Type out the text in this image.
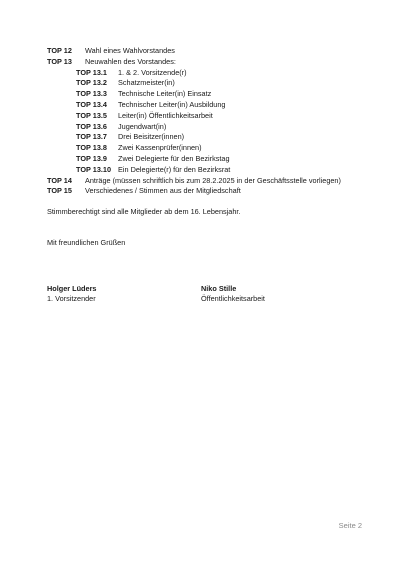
TOP 12 Wahl eines Wahlvorstandes
TOP 13 Neuwahlen des Vorstandes:
TOP 13.1 1. & 2. Vorsitzende(r)
TOP 13.2 Schatzmeister(in)
TOP 13.3 Technische Leiter(in) Einsatz
TOP 13.4 Technischer Leiter(in) Ausbildung
TOP 13.5 Leiter(in) Öffentlichkeitsarbeit
TOP 13.6 Jugendwart(in)
TOP 13.7 Drei Beisitzer(innen)
TOP 13.8 Zwei Kassenprüfer(innen)
TOP 13.9 Zwei Delegierte für den Bezirkstag
TOP 13.10 Ein Delegierte(r) für den Bezirksrat
TOP 14 Anträge (müssen schriftlich bis zum 28.2.2025 in der Geschäftsstelle vorliegen)
TOP 15 Verschiedenes / Stimmen aus der Mitgliedschaft
Stimmberechtigt sind alle Mitglieder ab dem 16. Lebensjahr.
Mit freundlichen Grüßen
Holger Lüders
1. Vorsitzender
Niko Stille
Öffentlichkeitsarbeit
Seite 2
